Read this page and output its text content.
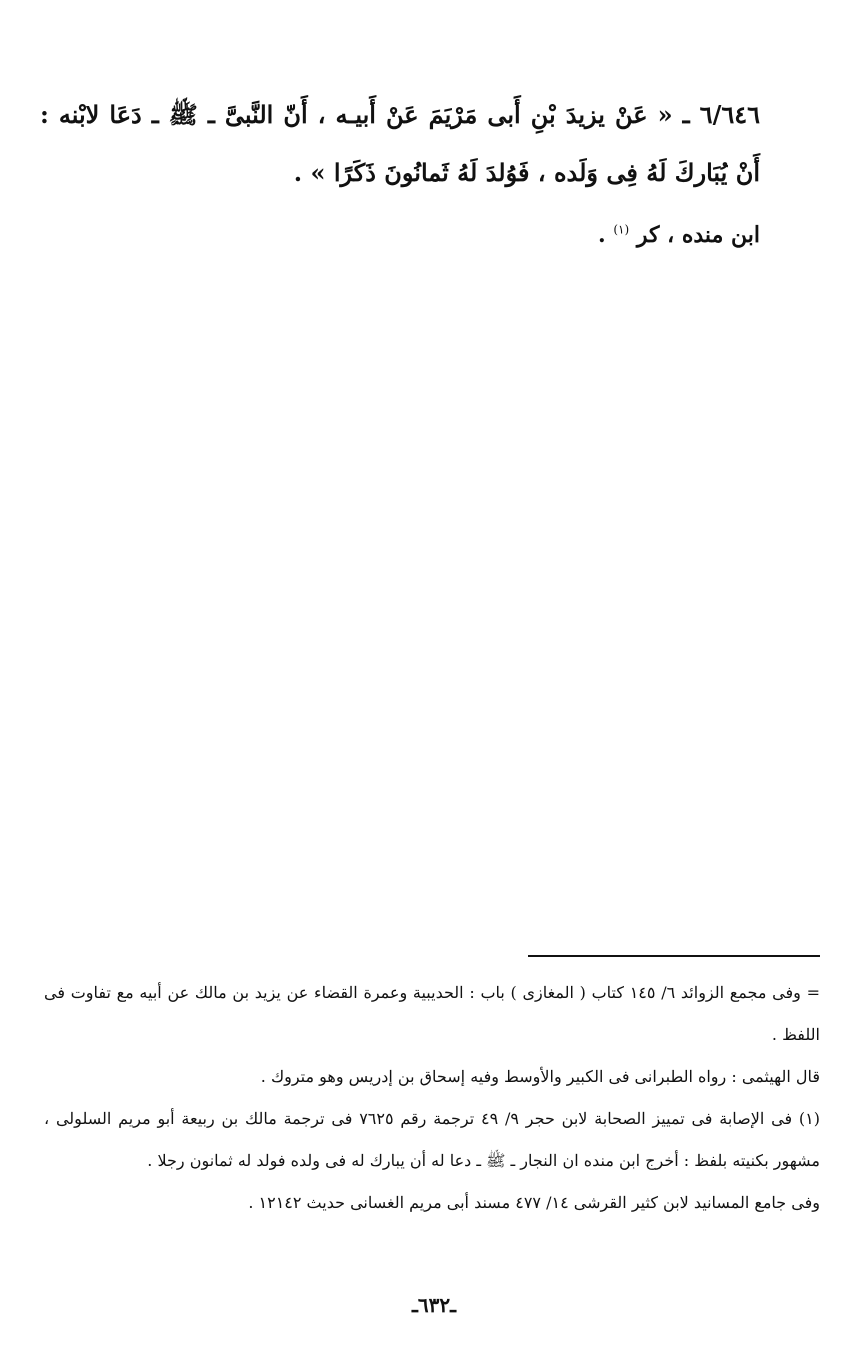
٦/٦٤٦ ـ « عَنْ يزيدَ بْنِ أَبى مَرْيَمَ عَنْ أَبيـه ، أَنّ النَّبىَّ ـ ﷺ ـ دَعَا لابْنه : أَنْ يُبَاركَ لَهُ فِى وَلَده ، فَوُلدَ لَهُ ثَمانُونَ ذَكَرًا » .
ابن منده ، كر $^{(١)}$ .

= وفى مجمع الزوائد ٦/ ١٤٥ كتاب ( المغازى ) باب : الحديبية وعمرة القضاء عن يزيد بن مالك عن أبيه مع تفاوت فى اللفظ .

قال الهيثمى : رواه الطبرانى فى الكبير والأوسط وفيه إسحاق بن إدريس وهو متروك .

(١) فى الإصابة فى تمييز الصحابة لابن حجر ٩/ ٤٩ ترجمة رقم ٧٦٢٥ فى ترجمة مالك بن ربيعة أبو مريم السلولى ، مشهور بكنيته بلفظ : أخرج ابن منده ان النجار ـ ﷺ ـ دعا له أن يبارك له فى ولده فولد له ثمانون رجلا .

وفى جامع المسانيد لابن كثير القرشى ١٤/ ٤٧٧ مسند أبى مريم الغسانى حديث ١٢١٤٢ .

ـ٦٣٢ـ
